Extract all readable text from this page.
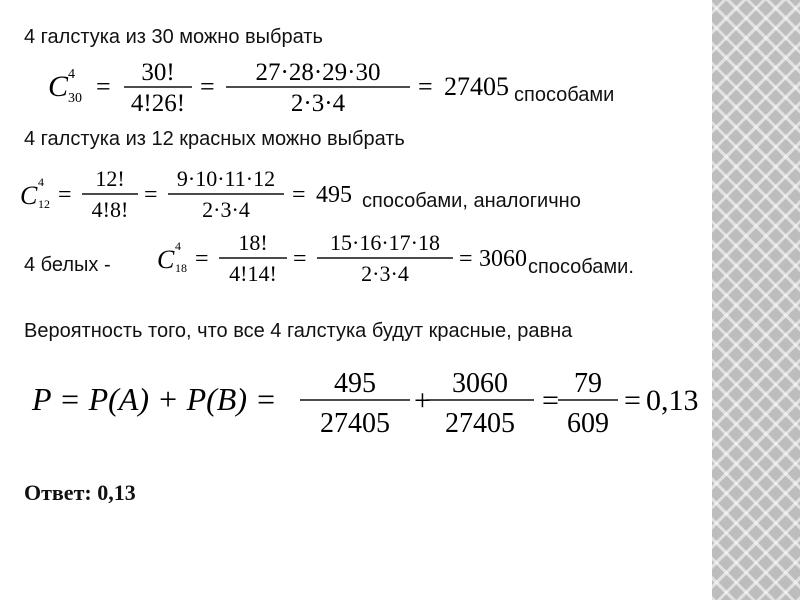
4 галстука из 30 можно выбрать
C 4
30 = 30!
4!26!
= 27·28·29·30
2·3·4
= 27405 способами
4 галстука из 12 красных можно выбрать
C 4
12 =
12!
4!8!
=
9·10·11·12
2·3·4
= 495 способами, аналогично
4 белых - C 4
18 =
18!
4!14!
=
15·16·17·18
2·3·4
= 3060 способами.
Вероятность того, что все 4 галстука будут красные, равна
P = P(A) + P(B) = 495
27405
+
3060
27405
=
79
609
= 0,13
Ответ: 0,13
